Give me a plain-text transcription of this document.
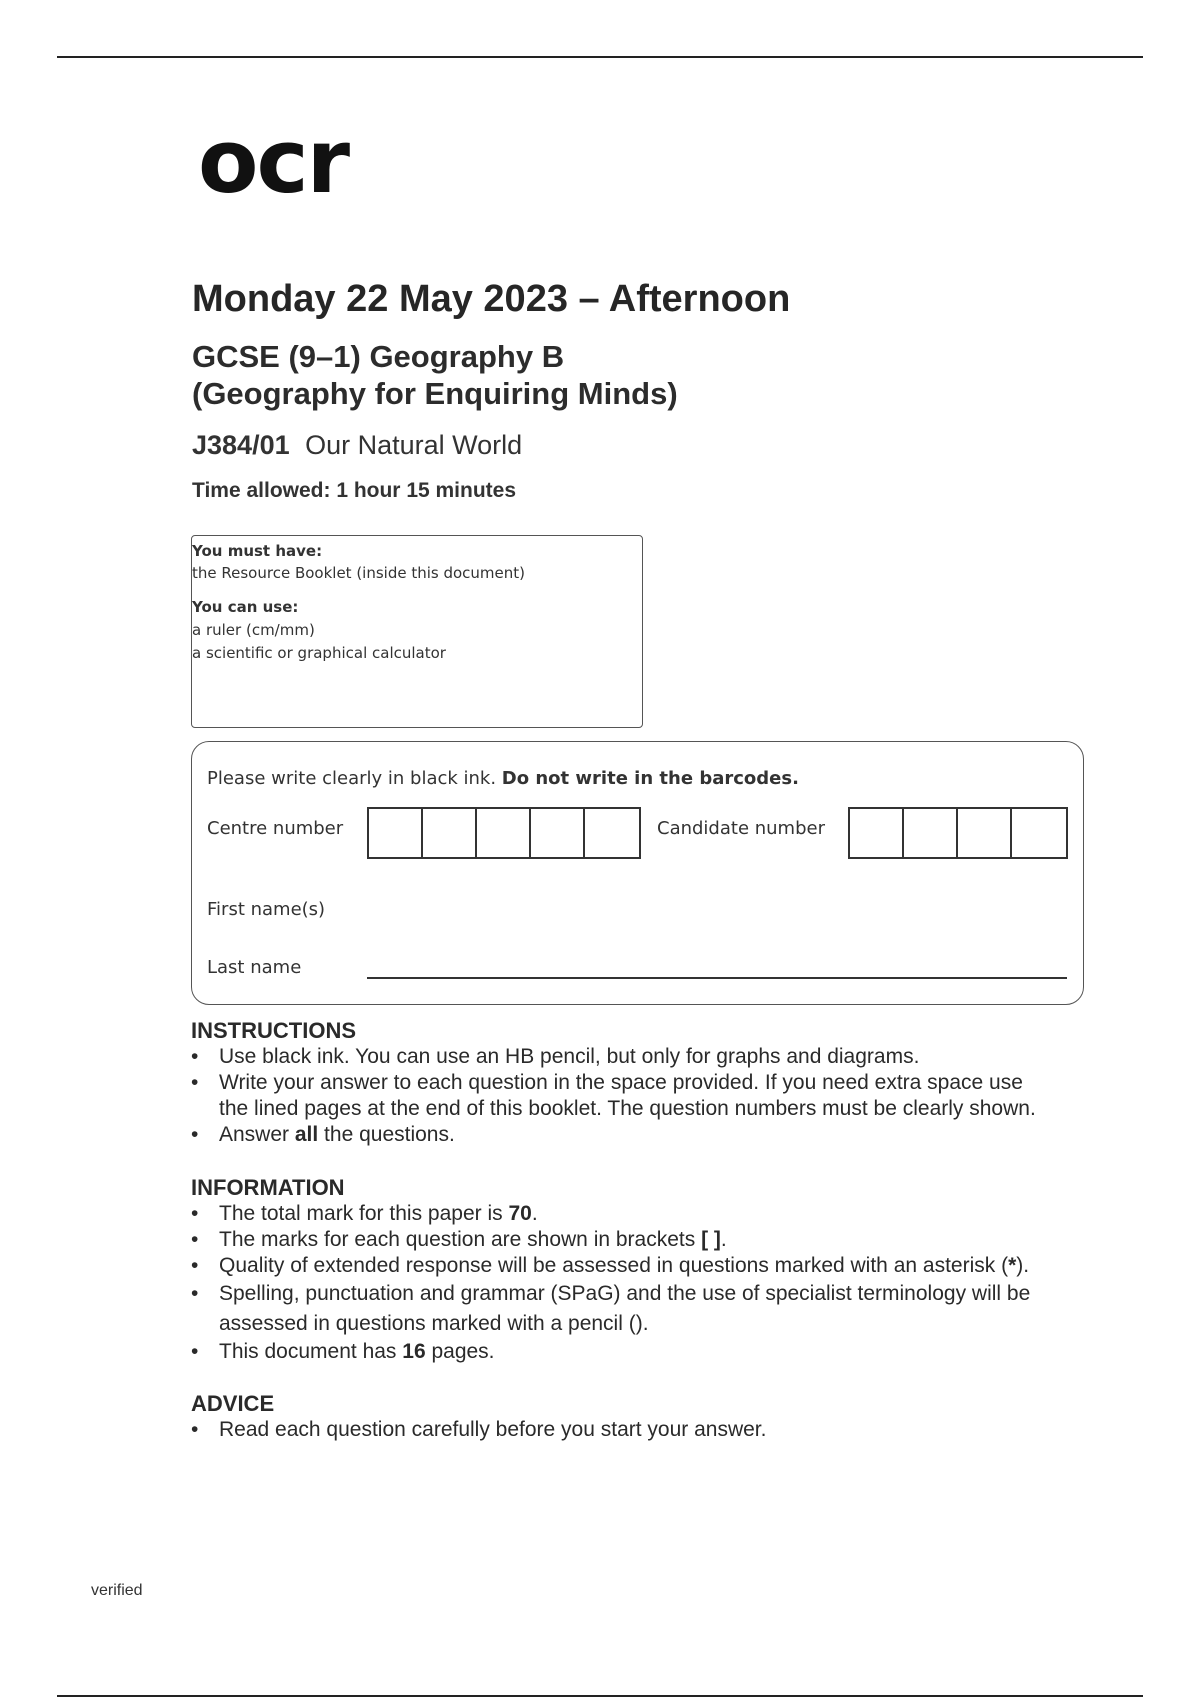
ocr
Monday 22 May 2023 – Afternoon
GCSE (9–1) Geography B
(Geography for Enquiring Minds)
J384/01 Our Natural World
Time allowed: 1 hour 15 minutes
You must have:
the Resource Booklet (inside this document)
You can use:
a ruler (cm/mm)
a scientific or graphical calculator
Please write clearly in black ink. Do not write in the barcodes.
Centre number	Candidate number
First name(s)
Last name
INSTRUCTIONS
• Use black ink. You can use an HB pencil, but only for graphs and diagrams.
• Write your answer to each question in the space provided. If you need extra space use
the lined pages at the end of this booklet. The question numbers must be clearly shown.
• Answer all the questions.
INFORMATION
• The total mark for this paper is 70.
• The marks for each question are shown in brackets [ ].
• Quality of extended response will be assessed in questions marked with an asterisk (*).
• Spelling, punctuation and grammar (SPaG) and the use of specialist terminology will be
assessed in questions marked with a pencil ().
• This document has 16 pages.
ADVICE
• Read each question carefully before you start your answer.
verified
